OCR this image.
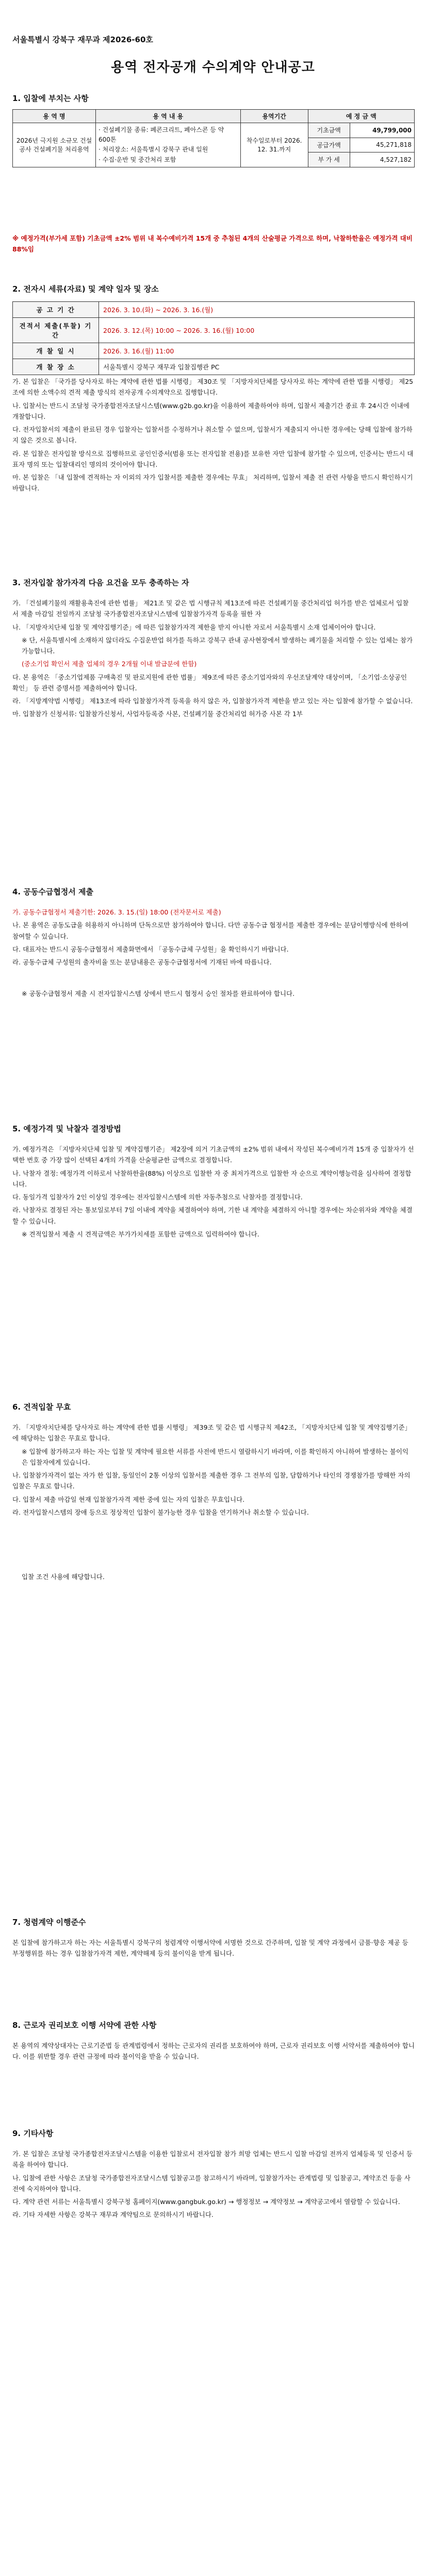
서울특별시 강북구 재무과 제2026-60호
용역 전자공개 수의계약 안내공고
1. 입찰에 부치는 사항
용 역 명	용 역 내 용	용역기간	예 정 금 액	
2026년 극지원 소규모 건설공사 건설폐기물 처리용역	· 건설폐기물 종류: 폐콘크리트, 폐아스콘 등 약 600톤
· 처리장소: 서울특별시 강북구 관내 일원
· 수집·운반 및 중간처리 포함	착수일로부터 2026. 12. 31.까지	기초금액	49,799,000
			공급가액	45,271,818
			부 가 세	4,527,182
※ 예정가격(부가세 포함) 기초금액 ±2% 범위 내 복수예비가격 15개 중 추첨된 4개의 산술평균 가격으로 하며, 낙찰하한율은 예정가격 대비 88%임
2. 전자시 세류(자료) 및 계약 일자 및 장소
공 고 기 간	2026. 3. 10.(화) ~ 2026. 3. 16.(월)
견적서 제출(투찰) 기간	2026. 3. 12.(목) 10:00 ~ 2026. 3. 16.(월) 10:00
개 찰 일 시	2026. 3. 16.(월) 11:00
개 찰 장 소	서울특별시 강북구 재무과 입찰집행관 PC

가. 본 입찰은 「국가를 당사자로 하는 계약에 관한 법률 시행령」 제30조 및 「지방자치단체를 당사자로 하는 계약에 관한 법률 시행령」 제25조에 의한 소액수의 견적 제출 방식의 전자공개 수의계약으로 집행합니다.

나. 입찰서는 반드시 조달청 국가종합전자조달시스템(www.g2b.go.kr)을 이용하여 제출하여야 하며, 입찰서 제출기간 종료 후 24시간 이내에 개찰합니다.

다. 전자입찰서의 제출이 완료된 경우 입찰자는 입찰서를 수정하거나 취소할 수 없으며, 입찰서가 제출되지 아니한 경우에는 당해 입찰에 참가하지 않은 것으로 봅니다.

라. 본 입찰은 전자입찰 방식으로 집행하므로 공인인증서(범용 또는 전자입찰 전용)를 보유한 자만 입찰에 참가할 수 있으며, 인증서는 반드시 대표자 명의 또는 입찰대리인 명의의 것이어야 합니다.

마. 본 입찰은 「내 입찰에 견적하는 자 이외의 자가 입찰서를 제출한 경우에는 무효」 처리하며, 입찰서 제출 전 관련 사항을 반드시 확인하시기 바랍니다.

3. 전자입찰 참가자격 다음 요건을 모두 충족하는 자

가. 「건설폐기물의 재활용촉진에 관한 법률」 제21조 및 같은 법 시행규칙 제13조에 따른 건설폐기물 중간처리업 허가를 받은 업체로서 입찰서 제출 마감일 전일까지 조달청 국가종합전자조달시스템에 입찰참가자격 등록을 필한 자

나. 「지방자치단체 입찰 및 계약집행기준」에 따른 입찰참가자격 제한을 받지 아니한 자로서 서울특별시 소재 업체이어야 합니다.

※ 단, 서울특별시에 소재하지 않더라도 수집운반업 허가를 득하고 강북구 관내 공사현장에서 발생하는 폐기물을 처리할 수 있는 업체는 참가 가능합니다.

(중소기업 확인서 제출 업체의 경우 2개월 이내 발급분에 한함)

다. 본 용역은 「중소기업제품 구매촉진 및 판로지원에 관한 법률」 제9조에 따른 중소기업자와의 우선조달계약 대상이며, 「소기업·소상공인 확인」 등 관련 증명서를 제출하여야 합니다.

라. 「지방계약법 시행령」 제13조에 따라 입찰참가자격 등록을 하지 않은 자, 입찰참가자격 제한을 받고 있는 자는 입찰에 참가할 수 없습니다.

마. 입찰참가 신청서류: 입찰참가신청서, 사업자등록증 사본, 건설폐기물 중간처리업 허가증 사본 각 1부

4. 공동수급협정서 제출

가. 공동수급협정서 제출기한: 2026. 3. 15.(일) 18:00 (전자문서로 제출)

나. 본 용역은 공동도급을 허용하지 아니하며 단독으로만 참가하여야 합니다. 다만 공동수급 협정서를 제출한 경우에는 분담이행방식에 한하여 참여할 수 있습니다.

다. 대표자는 반드시 공동수급협정서 제출화면에서 「공동수급체 구성원」을 확인하시기 바랍니다.

라. 공동수급체 구성원의 출자비율 또는 분담내용은 공동수급협정서에 기재된 바에 따릅니다.

※ 공동수급협정서 제출 시 전자입찰시스템 상에서 반드시 협정서 승인 절차를 완료하여야 합니다.

5. 예정가격 및 낙찰자 결정방법

가. 예정가격은 「지방자치단체 입찰 및 계약집행기준」 제2장에 의거 기초금액의 ±2% 범위 내에서 작성된 복수예비가격 15개 중 입찰자가 선택한 번호 중 가장 많이 선택된 4개의 가격을 산술평균한 금액으로 결정합니다.

나. 낙찰자 결정: 예정가격 이하로서 낙찰하한율(88%) 이상으로 입찰한 자 중 최저가격으로 입찰한 자 순으로 계약이행능력을 심사하여 결정합니다.

다. 동일가격 입찰자가 2인 이상일 경우에는 전자입찰시스템에 의한 자동추첨으로 낙찰자를 결정합니다.

라. 낙찰자로 결정된 자는 통보일로부터 7일 이내에 계약을 체결하여야 하며, 기한 내 계약을 체결하지 아니할 경우에는 차순위자와 계약을 체결할 수 있습니다.

※ 견적입찰서 제출 시 견적금액은 부가가치세를 포함한 금액으로 입력하여야 합니다.

6. 견적입찰 무효

가. 「지방자치단체를 당사자로 하는 계약에 관한 법률 시행령」 제39조 및 같은 법 시행규칙 제42조, 「지방자치단체 입찰 및 계약집행기준」에 해당하는 입찰은 무효로 합니다.

※ 입찰에 참가하고자 하는 자는 입찰 및 계약에 필요한 서류를 사전에 반드시 열람하시기 바라며, 이를 확인하지 아니하여 발생하는 불이익은 입찰자에게 있습니다.

나. 입찰참가자격이 없는 자가 한 입찰, 동일인이 2통 이상의 입찰서를 제출한 경우 그 전부의 입찰, 담합하거나 타인의 경쟁참가를 방해한 자의 입찰은 무효로 합니다.

다. 입찰서 제출 마감일 현재 입찰참가자격 제한 중에 있는 자의 입찰은 무효입니다.

라. 전자입찰시스템의 장애 등으로 정상적인 입찰이 불가능한 경우 입찰을 연기하거나 취소할 수 있습니다.

입찰 조건 사용에 해당합니다.

7. 청렴계약 이행준수
본 입찰에 참가하고자 하는 자는 서울특별시 강북구의 청렴계약 이행서약에 서명한 것으로 간주하며, 입찰 및 계약 과정에서 금품·향응 제공 등 부정행위를 하는 경우 입찰참가자격 제한, 계약해제 등의 불이익을 받게 됩니다.
8. 근로자 권리보호 이행 서약에 관한 사항
본 용역의 계약상대자는 근로기준법 등 관계법령에서 정하는 근로자의 권리를 보호하여야 하며, 근로자 권리보호 이행 서약서를 제출하여야 합니다. 이를 위반할 경우 관련 규정에 따라 불이익을 받을 수 있습니다.
9. 기타사항

가. 본 입찰은 조달청 국가종합전자조달시스템을 이용한 입찰로서 전자입찰 참가 희망 업체는 반드시 입찰 마감일 전까지 업체등록 및 인증서 등록을 하여야 합니다.

나. 입찰에 관한 사항은 조달청 국가종합전자조달시스템 입찰공고를 참고하시기 바라며, 입찰참가자는 관계법령 및 입찰공고, 계약조건 등을 사전에 숙지하여야 합니다.

다. 계약 관련 서류는 서울특별시 강북구청 홈페이지(www.gangbuk.go.kr) → 행정정보 → 계약정보 → 계약공고에서 열람할 수 있습니다.

라. 기타 자세한 사항은 강북구 재무과 계약팀으로 문의하시기 바랍니다.
